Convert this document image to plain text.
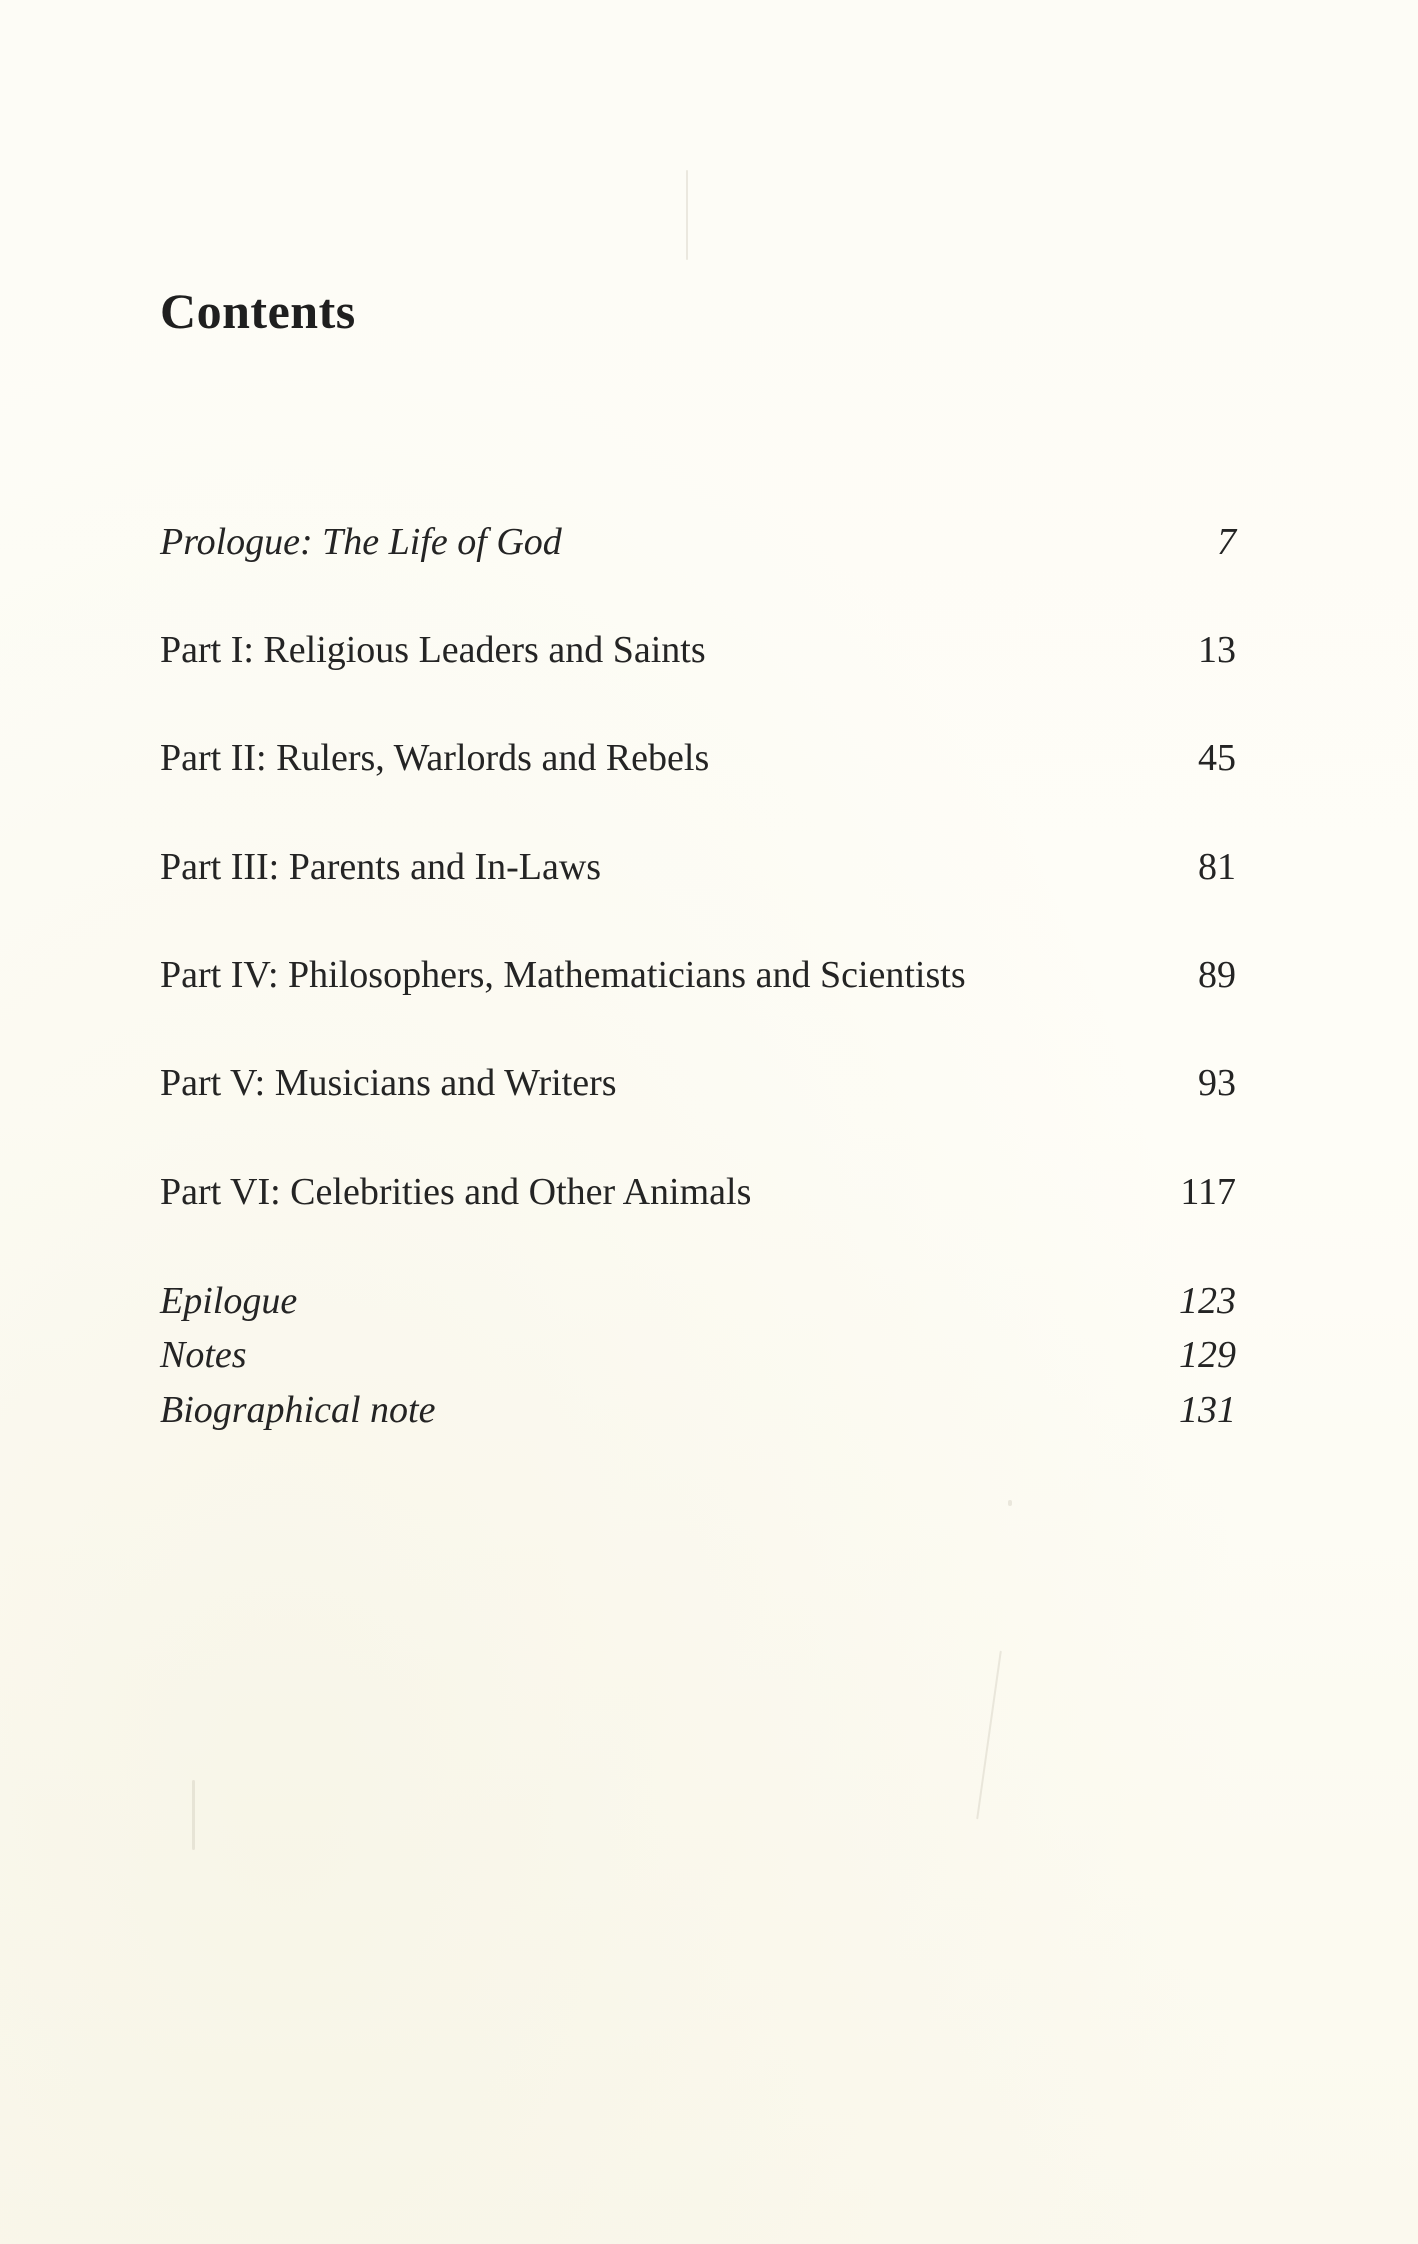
Contents
Prologue: The Life of God	7
Part I: Religious Leaders and Saints	13
Part II: Rulers, Warlords and Rebels	45
Part III: Parents and In-Laws	81
Part IV: Philosophers, Mathematicians and Scientists	89
Part V: Musicians and Writers	93
Part VI: Celebrities and Other Animals	117
Epilogue	123
Notes	129
Biographical note	131
